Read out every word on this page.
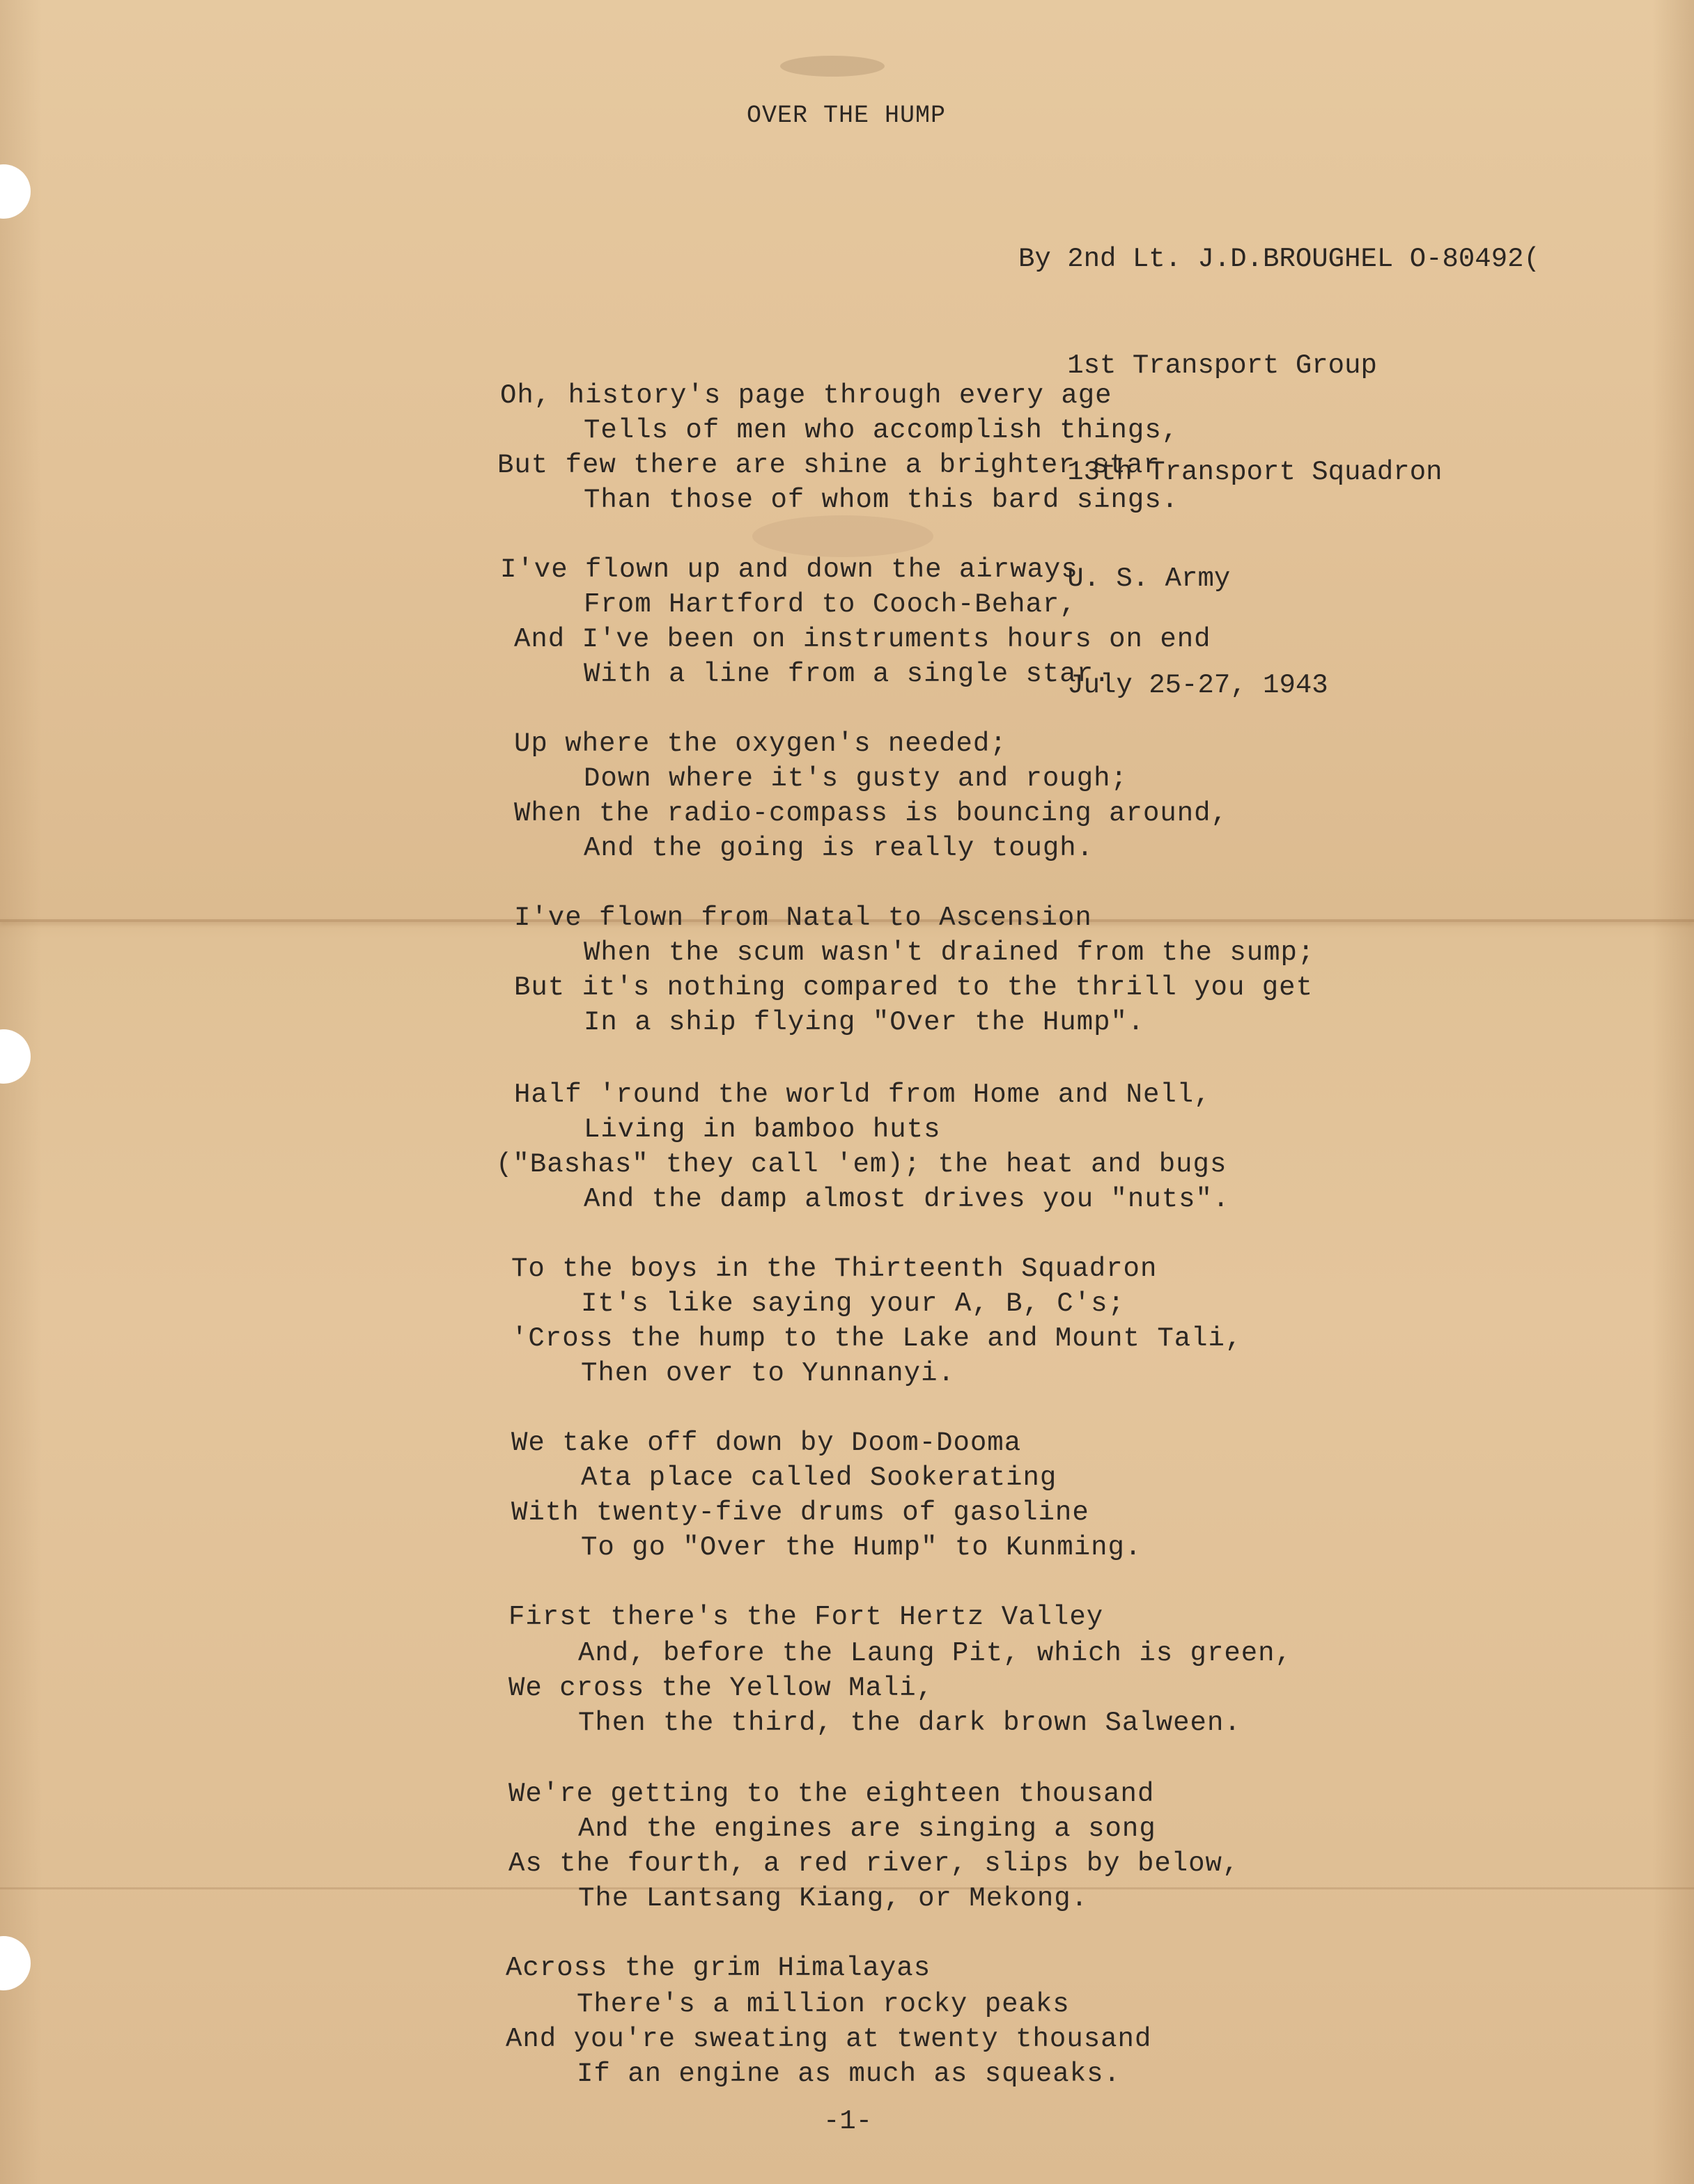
OVER THE HUMP

By 2nd Lt. J.D.BROUGHEL O-80492(

1st Transport Group

13th Transport Squadron

U. S. Army

July 25-27, 1943

Oh, history's page through every age
Tells of men who accomplish things,
But few there are shine a brighter star
Than those of whom this bard sings.
I've flown up and down the airways
From Hartford to Cooch-Behar,
And I've been on instruments hours on end
With a line from a single star.
Up where the oxygen's needed;
Down where it's gusty and rough;
When the radio-compass is bouncing around,
And the going is really tough.
I've flown from Natal to Ascension
When the scum wasn't drained from the sump;
But it's nothing compared to the thrill you get
In a ship flying "Over the Hump".
Half 'round the world from Home and Nell,
Living in bamboo huts
("Bashas" they call 'em); the heat and bugs
And the damp almost drives you "nuts".
To the boys in the Thirteenth Squadron
It's like saying your A, B, C's;
'Cross the hump to the Lake and Mount Tali,
Then over to Yunnanyi.
We take off down by Doom-Dooma
Ata place called Sookerating
With twenty-five drums of gasoline
To go "Over the Hump" to Kunming.
First there's the Fort Hertz Valley
And, before the Laung Pit, which is green,
We cross the Yellow Mali,
Then the third, the dark brown Salween.
We're getting to the eighteen thousand
And the engines are singing a song
As the fourth, a red river, slips by below,
The Lantsang Kiang, or Mekong.
Across the grim Himalayas
There's a million rocky peaks
And you're sweating at twenty thousand
If an engine as much as squeaks.
-1-
